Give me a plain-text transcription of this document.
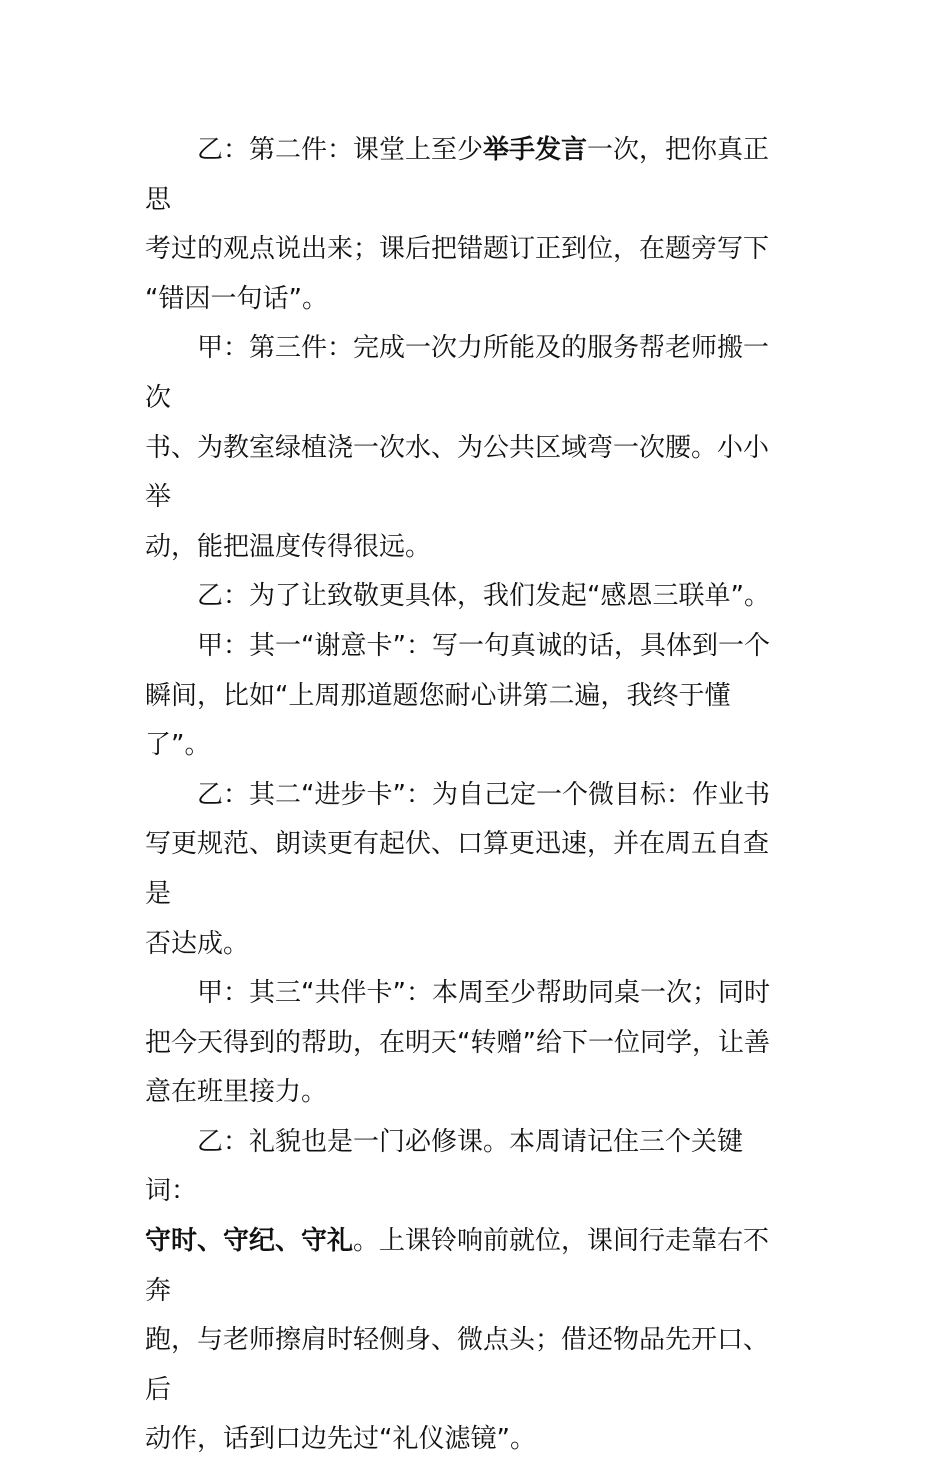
乙：第二件：课堂上至少举手发言一次，把你真正思
考过的观点说出来；课后把错题订正到位，在题旁写下
“错因一句话”。

甲：第三件：完成一次力所能及的服务帮老师搬一次
书、为教室绿植浇一次水、为公共区域弯一次腰。小小举
动，能把温度传得很远。

乙：为了让致敬更具体，我们发起“感恩三联单”。

甲：其一“谢意卡”：写一句真诚的话，具体到一个
瞬间，比如“上周那道题您耐心讲第二遍，我终于懂
了”。

乙：其二“进步卡”：为自己定一个微目标：作业书
写更规范、朗读更有起伏、口算更迅速，并在周五自查是
否达成。

甲：其三“共伴卡”：本周至少帮助同桌一次；同时
把今天得到的帮助，在明天“转赠”给下一位同学，让善
意在班里接力。

乙：礼貌也是一门必修课。本周请记住三个关键词：
守时、守纪、守礼。上课铃响前就位，课间行走靠右不奔
跑，与老师擦肩时轻侧身、微点头；借还物品先开口、后
动作，话到口边先过“礼仪滤镜”。
